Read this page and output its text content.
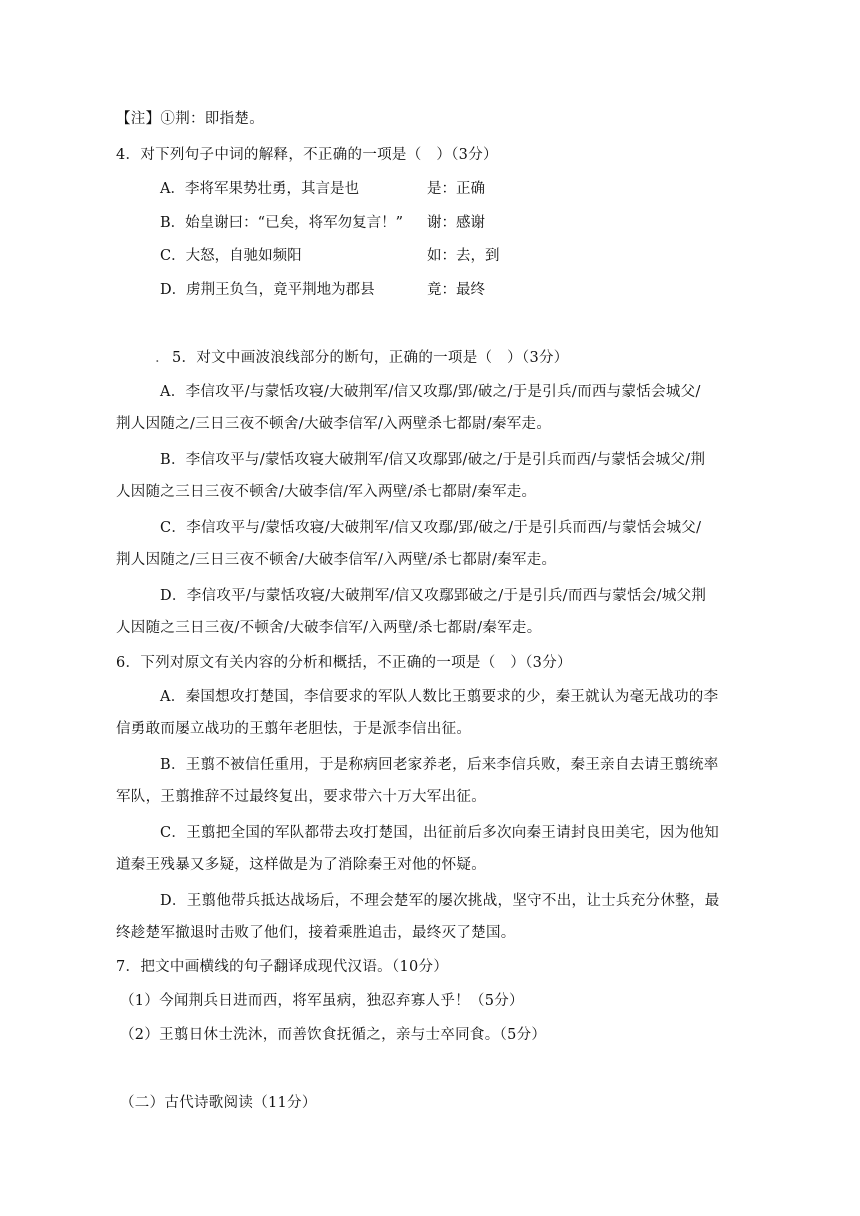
【注】①荆：即指楚。
4．对下列句子中词的解释，不正确的一项是（　）（3分）
A．李将军果势壮勇，其言是也	是：正确
B．始皇谢曰：“已矣，将军勿复言！” 谢：感谢
C．大怒，自驰如频阳	如：去，到
D．虏荆王负刍，竟平荆地为郡县	竟：最终
. 5．对文中画波浪线部分的断句，正确的一项是（　）（3分）
A．李信攻平/与蒙恬攻寝/大破荆军/信又攻鄢/郢/破之/于是引兵/而西与蒙恬会城父/
荆人因随之/三日三夜不顿舍/大破李信军/入两壁杀七都尉/秦军走。
B．李信攻平与/蒙恬攻寝大破荆军/信又攻鄢郢/破之/于是引兵而西/与蒙恬会城父/荆
人因随之三日三夜不顿舍/大破李信/军入两壁/杀七都尉/秦军走。
C．李信攻平与/蒙恬攻寝/大破荆军/信又攻鄢/郢/破之/于是引兵而西/与蒙恬会城父/
荆人因随之/三日三夜不顿舍/大破李信军/入两壁/杀七都尉/秦军走。
D．李信攻平/与蒙恬攻寝/大破荆军/信又攻鄢郢破之/于是引兵/而西与蒙恬会/城父荆
人因随之三日三夜/不顿舍/大破李信军/入两壁/杀七都尉/秦军走。
6．下列对原文有关内容的分析和概括，不正确的一项是（　）（3分）
A．秦国想攻打楚国，李信要求的军队人数比王翦要求的少，秦王就认为毫无战功的李
信勇敢而屡立战功的王翦年老胆怯，于是派李信出征。
B．王翦不被信任重用，于是称病回老家养老，后来李信兵败，秦王亲自去请王翦统率
军队，王翦推辞不过最终复出，要求带六十万大军出征。
C．王翦把全国的军队都带去攻打楚国，出征前后多次向秦王请封良田美宅，因为他知
道秦王残暴又多疑，这样做是为了消除秦王对他的怀疑。
D．王翦他带兵抵达战场后，不理会楚军的屡次挑战，坚守不出，让士兵充分休整，最
终趁楚军撤退时击败了他们，接着乘胜追击，最终灭了楚国。
7．把文中画横线的句子翻译成现代汉语。（10分）
（1）今闻荆兵日进而西，将军虽病，独忍弃寡人乎！（5分）
（2）王翦日休士洗沐，而善饮食抚循之，亲与士卒同食。（5分）
（二）古代诗歌阅读（11分）
